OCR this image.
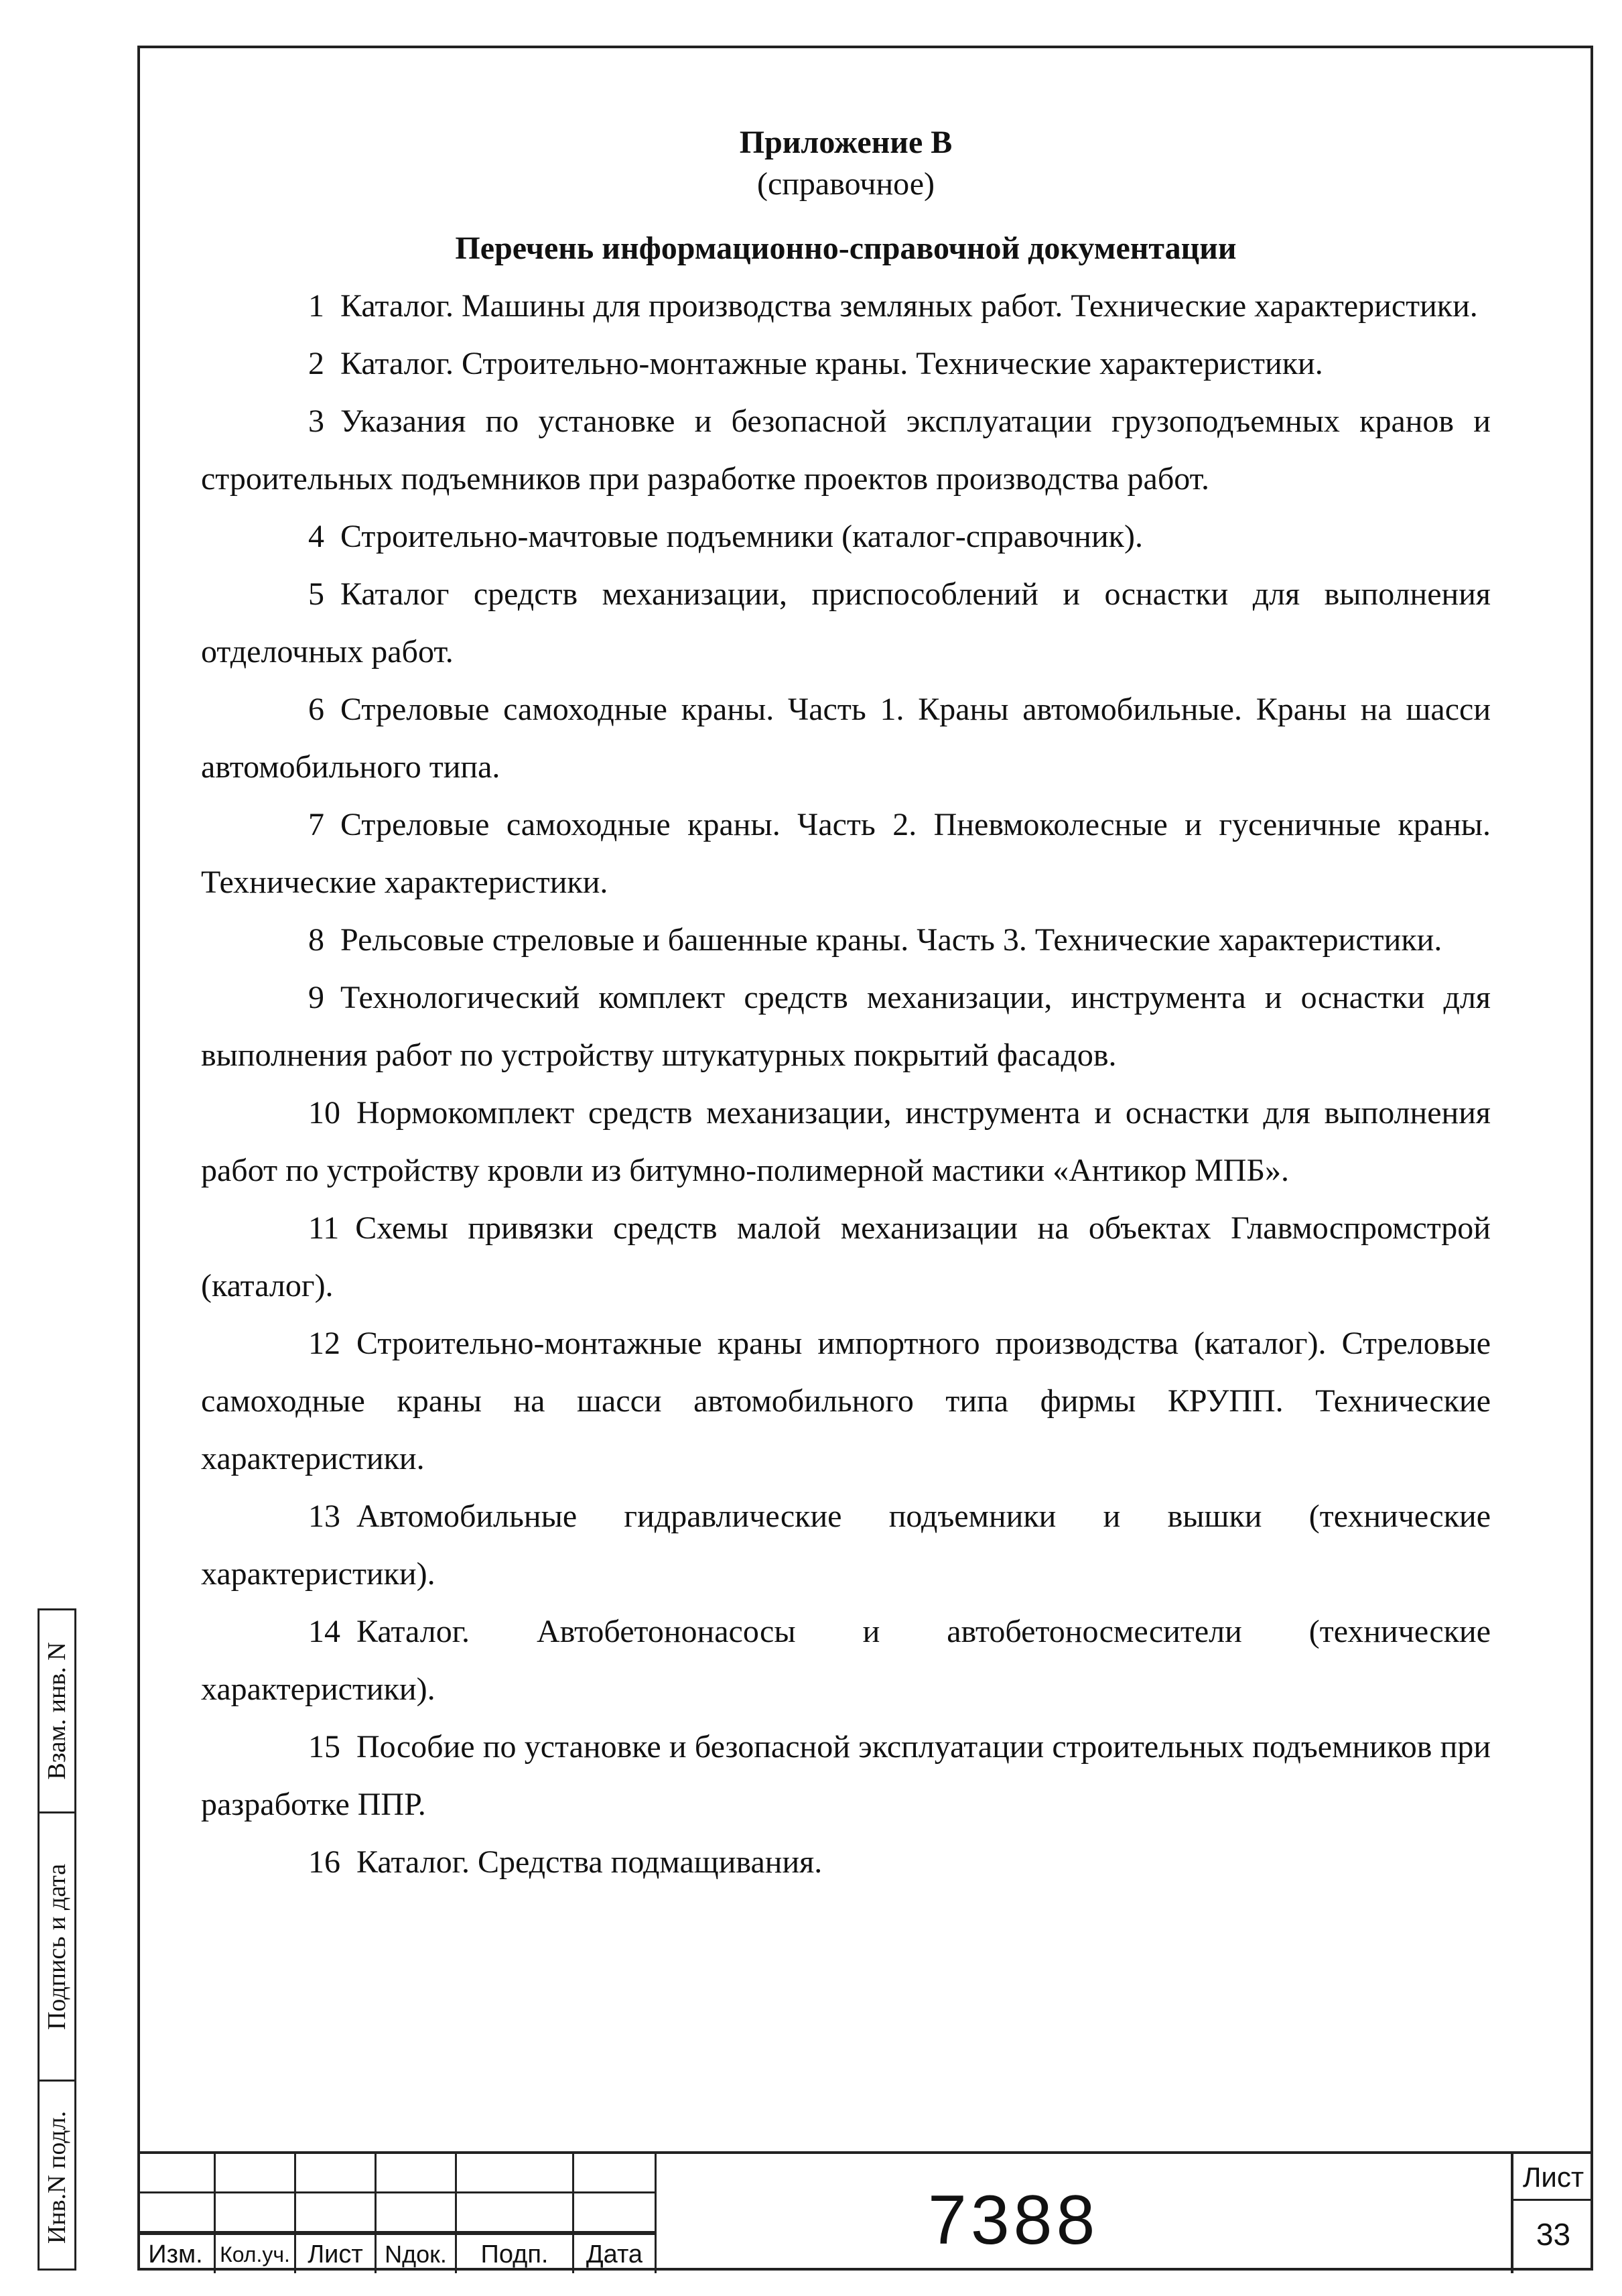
Приложение В
(справочное)
Перечень информационно-справочной документации
1 Каталог. Машины для производства земляных работ. Технические характеристики.
2 Каталог. Строительно-монтажные краны. Технические характеристики.
3 Указания по установке и безопасной эксплуатации грузоподъемных кранов и строительных подъемников при разработке проектов производства работ.
4 Строительно-мачтовые подъемники (каталог-справочник).
5 Каталог средств механизации, приспособлений и оснастки для выполнения отделочных работ.
6 Стреловые самоходные краны. Часть 1. Краны автомобильные. Краны на шасси автомобильного типа.
7 Стреловые самоходные краны. Часть 2. Пневмоколесные и гусеничные краны. Технические характеристики.
8 Рельсовые стреловые и башенные краны. Часть 3. Технические характеристики.
9 Технологический комплект средств механизации, инструмента и оснастки для выполнения работ по устройству штукатурных покрытий фасадов.
10 Нормокомплект средств механизации, инструмента и оснастки для выполнения работ по устройству кровли из битумно-полимерной мастики «Антикор МПБ».
11 Схемы привязки средств малой механизации на объектах Главмоспромстрой (каталог).
12 Строительно-монтажные краны импортного производства (каталог). Стреловые самоходные краны на шасси автомобильного типа фирмы КРУПП. Технические характеристики.
13 Автомобильные гидравлические подъемники и вышки (технические характеристики).
14 Каталог. Автобетононасосы и автобетоносмесители (технические характеристики).
15 Пособие по установке и безопасной эксплуатации строительных подъемников при разработке ППР.
16 Каталог. Средства подмащивания.
Взам. инв. N
Подпись и дата
Инв.N подл.
Изм. Кол.уч. Лист Nдок.	Подп.	Дата	7388
Лист
33
